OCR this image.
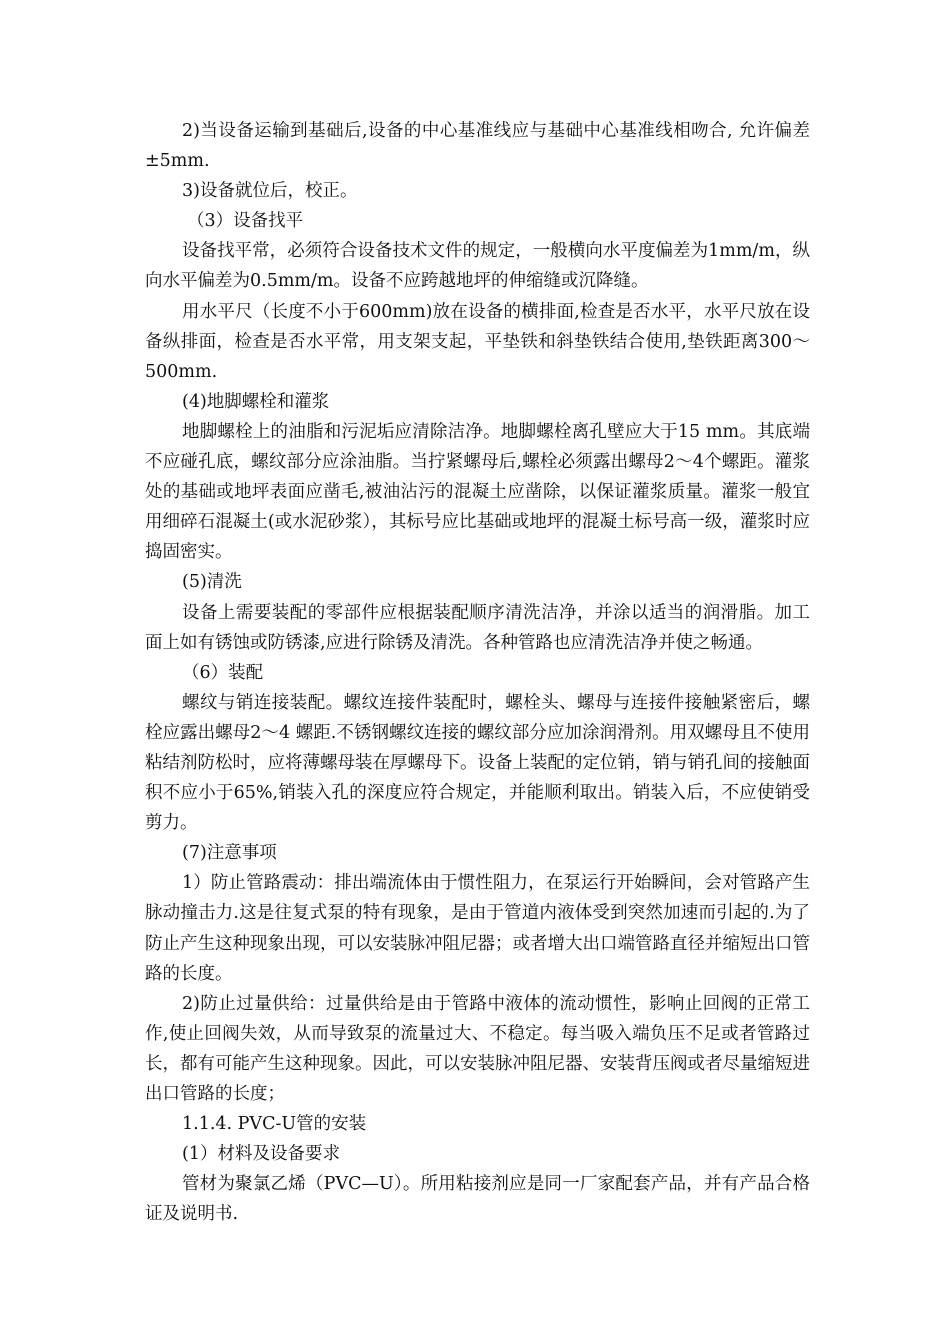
2)当设备运输到基础后,设备的中心基准线应与基础中心基准线相吻合, 允许偏差±5mm.

3)设备就位后，校正。

（3）设备找平

设备找平常，必须符合设备技术文件的规定，一般横向水平度偏差为1mm/m，纵向水平偏差为0.5mm/m。设备不应跨越地坪的伸缩缝或沉降缝。

用水平尺（长度不小于600mm)放在设备的横排面,检查是否水平，水平尺放在设备纵排面，检查是否水平常，用支架支起，平垫铁和斜垫铁结合使用,垫铁距离300～500mm.

(4)地脚螺栓和灌浆

地脚螺栓上的油脂和污泥垢应清除洁净。地脚螺栓离孔壁应大于15 mm。其底端不应碰孔底，螺纹部分应涂油脂。当拧紧螺母后,螺栓必须露出螺母2～4个螺距。灌浆处的基础或地坪表面应凿毛,被油沾污的混凝土应凿除，以保证灌浆质量。灌浆一般宜用细碎石混凝土(或水泥砂浆），其标号应比基础或地坪的混凝土标号高一级，灌浆时应捣固密实。

(5)清洗

设备上需要装配的零部件应根据装配顺序清洗洁净，并涂以适当的润滑脂。加工面上如有锈蚀或防锈漆,应进行除锈及清洗。各种管路也应清洗洁净并使之畅通。

（6）装配

螺纹与销连接装配。螺纹连接件装配时，螺栓头、螺母与连接件接触紧密后，螺栓应露出螺母2～4 螺距.不锈钢螺纹连接的螺纹部分应加涂润滑剂。用双螺母且不使用粘结剂防松时，应将薄螺母装在厚螺母下。设备上装配的定位销，销与销孔间的接触面积不应小于65%,销装入孔的深度应符合规定，并能顺利取出。销装入后，不应使销受剪力。

(7)注意事项

1）防止管路震动：排出端流体由于惯性阻力，在泵运行开始瞬间，会对管路产生脉动撞击力.这是往复式泵的特有现象，是由于管道内液体受到突然加速而引起的.为了防止产生这种现象出现，可以安装脉冲阻尼器；或者增大出口端管路直径并缩短出口管路的长度。

2)防止过量供给：过量供给是由于管路中液体的流动惯性，影响止回阀的正常工作,使止回阀失效，从而导致泵的流量过大、不稳定。每当吸入端负压不足或者管路过长，都有可能产生这种现象。因此，可以安装脉冲阻尼器、安装背压阀或者尽量缩短进出口管路的长度；

1.1.4. PVC-U管的安装

(1）材料及设备要求

管材为聚氯乙烯（PVC—U）。所用粘接剂应是同一厂家配套产品，并有产品合格证及说明书.
